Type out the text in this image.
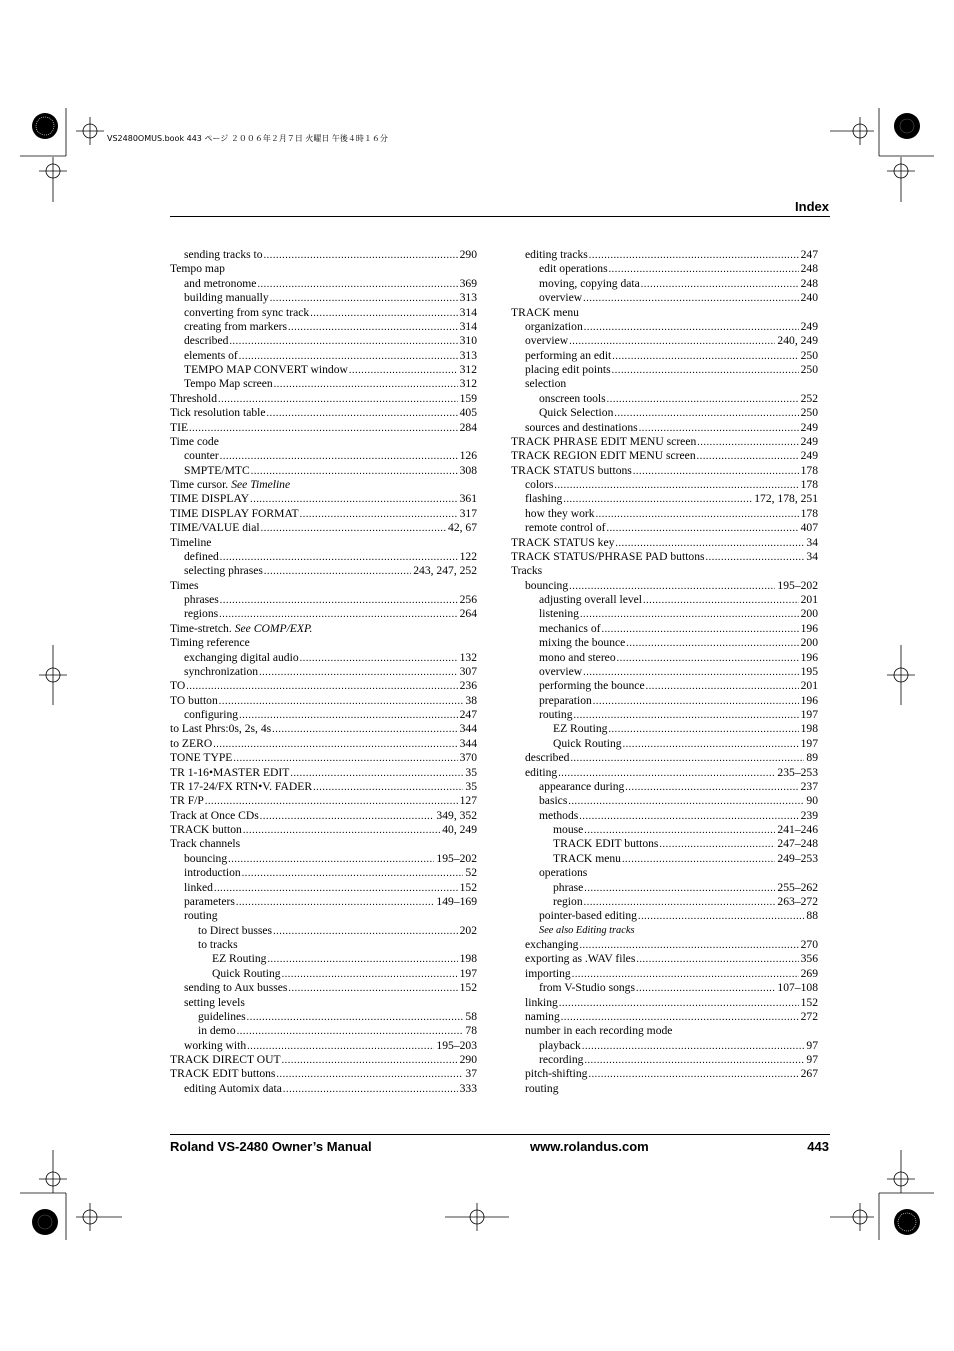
VS2480OMUS.book 443 ページ ２００６年２月７日 火曜日 午後４時１６分
Index
sending tracks to .....	290
Tempo map
and metronome .....	369
building manually .....	313
converting from sync track .....	314
creating from markers .....	314
described .....	310
elements of .....	313
TEMPO MAP CONVERT window .....	312
Tempo Map screen .....	312
Threshold .....	159
Tick resolution table .....	405
TIE .....	284
Time code
counter .....	126
SMPTE/MTC .....	308
Time cursor. See Timeline
TIME DISPLAY .....	361
TIME DISPLAY FORMAT .....	317
TIME/VALUE dial .....	42, 67
Timeline
defined .....	122
selecting phrases .....	243, 247, 252
Times
phrases .....	256
regions .....	264
Time-stretch. See COMP/EXP.
Timing reference
exchanging digital audio .....	132
synchronization .....	307
TO .....	236
TO button .....	38
configuring .....	247
to Last Phrs:0s, 2s, 4s .....	344
to ZERO .....	344
TONE TYPE .....	370
TR 1-16•MASTER EDIT .....	35
TR 17-24/FX RTN•V. FADER .....	35
TR F/P .....	127
Track at Once CDs .....	349, 352
TRACK button .....	40, 249
Track channels
bouncing .....	195–202
introduction .....	52
linked .....	152
parameters .....	149–169
routing
to Direct busses .....	202
to tracks
EZ Routing .....	198
Quick Routing .....	197
sending to Aux busses .....	152
setting levels
guidelines .....	58
in demo .....	78
working with .....	195–203
TRACK DIRECT OUT .....	290
TRACK EDIT buttons .....	37
editing Automix data .....	333
editing tracks .....	247
edit operations .....	248
moving, copying data .....	248
overview .....	240
TRACK menu
organization .....	249
overview .....	240, 249
performing an edit .....	250
placing edit points .....	250
selection
onscreen tools .....	252
Quick Selection .....	250
sources and destinations .....	249
TRACK PHRASE EDIT MENU screen .....	249
TRACK REGION EDIT MENU screen .....	249
TRACK STATUS buttons .....	178
colors .....	178
flashing .....	172, 178, 251
how they work .....	178
remote control of .....	407
TRACK STATUS key .....	34
TRACK STATUS/PHRASE PAD buttons .....	34
Tracks
bouncing .....	195–202
adjusting overall level .....	201
listening .....	200
mechanics of .....	196
mixing the bounce .....	200
mono and stereo .....	196
overview .....	195
performing the bounce .....	201
preparation .....	196
routing .....	197
EZ Routing .....	198
Quick Routing .....	197
described .....	89
editing .....	235–253
appearance during .....	237
basics .....	90
methods .....	239
mouse .....	241–246
TRACK EDIT buttons .....	247–248
TRACK menu .....	249–253
operations
phrase .....	255–262
region .....	263–272
pointer-based editing .....	88
See also Editing tracks
exchanging .....	270
exporting as .WAV files .....	356
importing .....	269
from V-Studio songs .....	107–108
linking .....	152
naming .....	272
number in each recording mode
playback .....	97
recording .....	97
pitch-shifting .....	267
routing
Roland VS-2480 Owner’s Manual	www.rolandus.com	443
